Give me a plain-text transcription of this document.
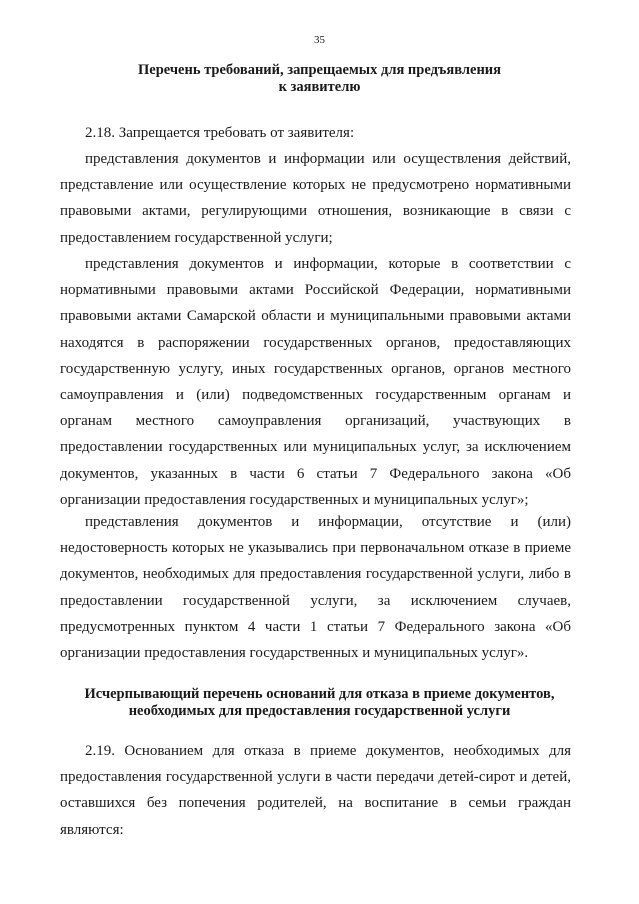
35
Перечень требований, запрещаемых для предъявления
к заявителю

2.18. Запрещается требовать от заявителя:

представления документов и информации или осуществления действий, представление или осуществление которых не предусмотрено нормативными правовыми актами, регулирующими отношения, возникающие в связи с предоставлением государственной услуги;

представления документов и информации, которые в соответствии с нормативными правовыми актами Российской Федерации, нормативными правовыми актами Самарской области и муниципальными правовыми актами находятся в распоряжении государственных органов, предоставляющих государственную услугу, иных государственных органов, органов местного самоуправления и (или) подведомственных государственным органам и органам местного самоуправления организаций, участвующих в предоставлении государственных или муниципальных услуг, за исключением документов, указанных в части 6 статьи 7 Федерального закона «Об организации предоставления государственных и муниципальных услуг»;

представления документов и информации, отсутствие и (или) недостоверность которых не указывались при первоначальном отказе в приеме документов, необходимых для предоставления государственной услуги, либо в предоставлении государственной услуги, за исключением случаев, предусмотренных пунктом 4 части 1 статьи 7 Федерального закона «Об организации предоставления государственных и муниципальных услуг».

Исчерпывающий перечень оснований для отказа в приеме документов,
необходимых для предоставления государственной услуги

2.19. Основанием для отказа в приеме документов, необходимых для предоставления государственной услуги в части передачи детей-сирот и детей, оставшихся без попечения родителей, на воспитание в семьи граждан являются:
